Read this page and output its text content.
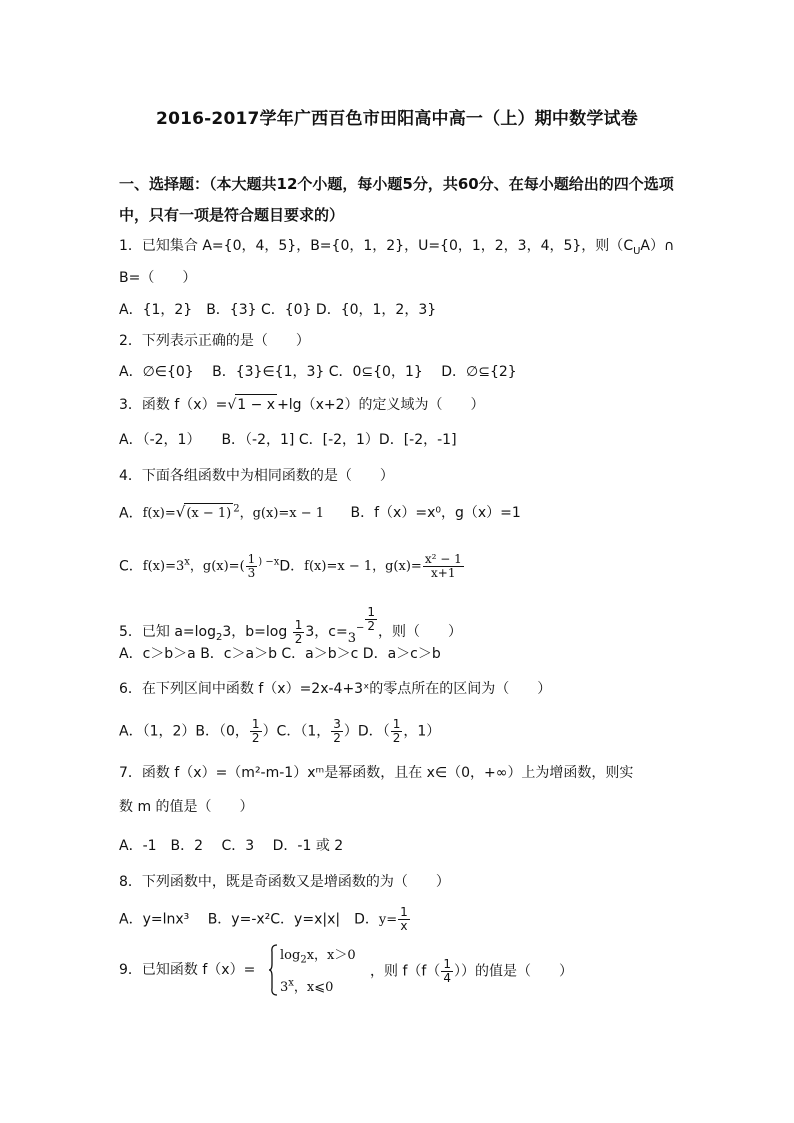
2016-2017学年广西百色市田阳高中高一（上）期中数学试卷
一、选择题：（本大题共12个小题，每小题5分，共60分、在每小题给出的四个选项中，只有一项是符合题目要求的）
1．已知集合 A={0，4，5}，B={0，1，2}，U={0，1，2，3，4，5}，则$(C_UA)\cap$
B=（　　）
A．{1，2}　B．{3} C．{0} D．{0，1，2，3}
2．下列表示正确的是（　　）
A．∅∈{0}　 B．{3}∈{1，3} C．0⊆{0，1}　 D．∅⊆{2}
3．函数 f（x）=√1 − x +lg（x+2）的定义域为（　　）
A．（-2，1）　　B．（-2，1] C．[-2，1）D．[-2，-1]
4．下面各组函数中为相同函数的是（　　）
A．f(x)=√(x − 1) $^2$，g(x)=x − 1 B．f（x）=x⁰，g（x）=1
C．$f(x)=3^x$，$g(x)=( \frac{1}{3} ^{) -x}D$．f(x)=x − 1，$g(x)= \frac{\text{x² − 1}}{x+1}$
5．已知 $a=\log_23$，$b=\log \frac{1}{2} 3$，$c=3^- \frac{1}{2}$ ，则（　　）
A．c＞b＞a B．c＞a＞b C．a＞b＞c D．a＞c＞b
6．在下列区间中函数 f（x）=2x-4+3ˣ的零点所在的区间为（　　）
A．（1，2）B．（0， $\frac{1}{2} )C$．（1， $\frac{3}{2} )D$．（ $\frac{1}{2}$ ，1）
7．函数 f（x）=（m²-m-1）xᵐ是幂函数，且在 x∈（0，+∞）上为增函数，则实
数 m 的值是（　　）
A．-1　B．2　 C．3　 D．-1 或 2
8．下列函数中，既是奇函数又是增函数的为（　　）
A．y=lnx³　 B．y=-x²C．y=x|x|　D．$y= \frac{1}{x}$
9．已知函数 f（x）=
$\log_2x$，x＞0
3$^x$，x⩽0
，则 $f(f( \frac{1}{4}$ ））的值是（　　）
